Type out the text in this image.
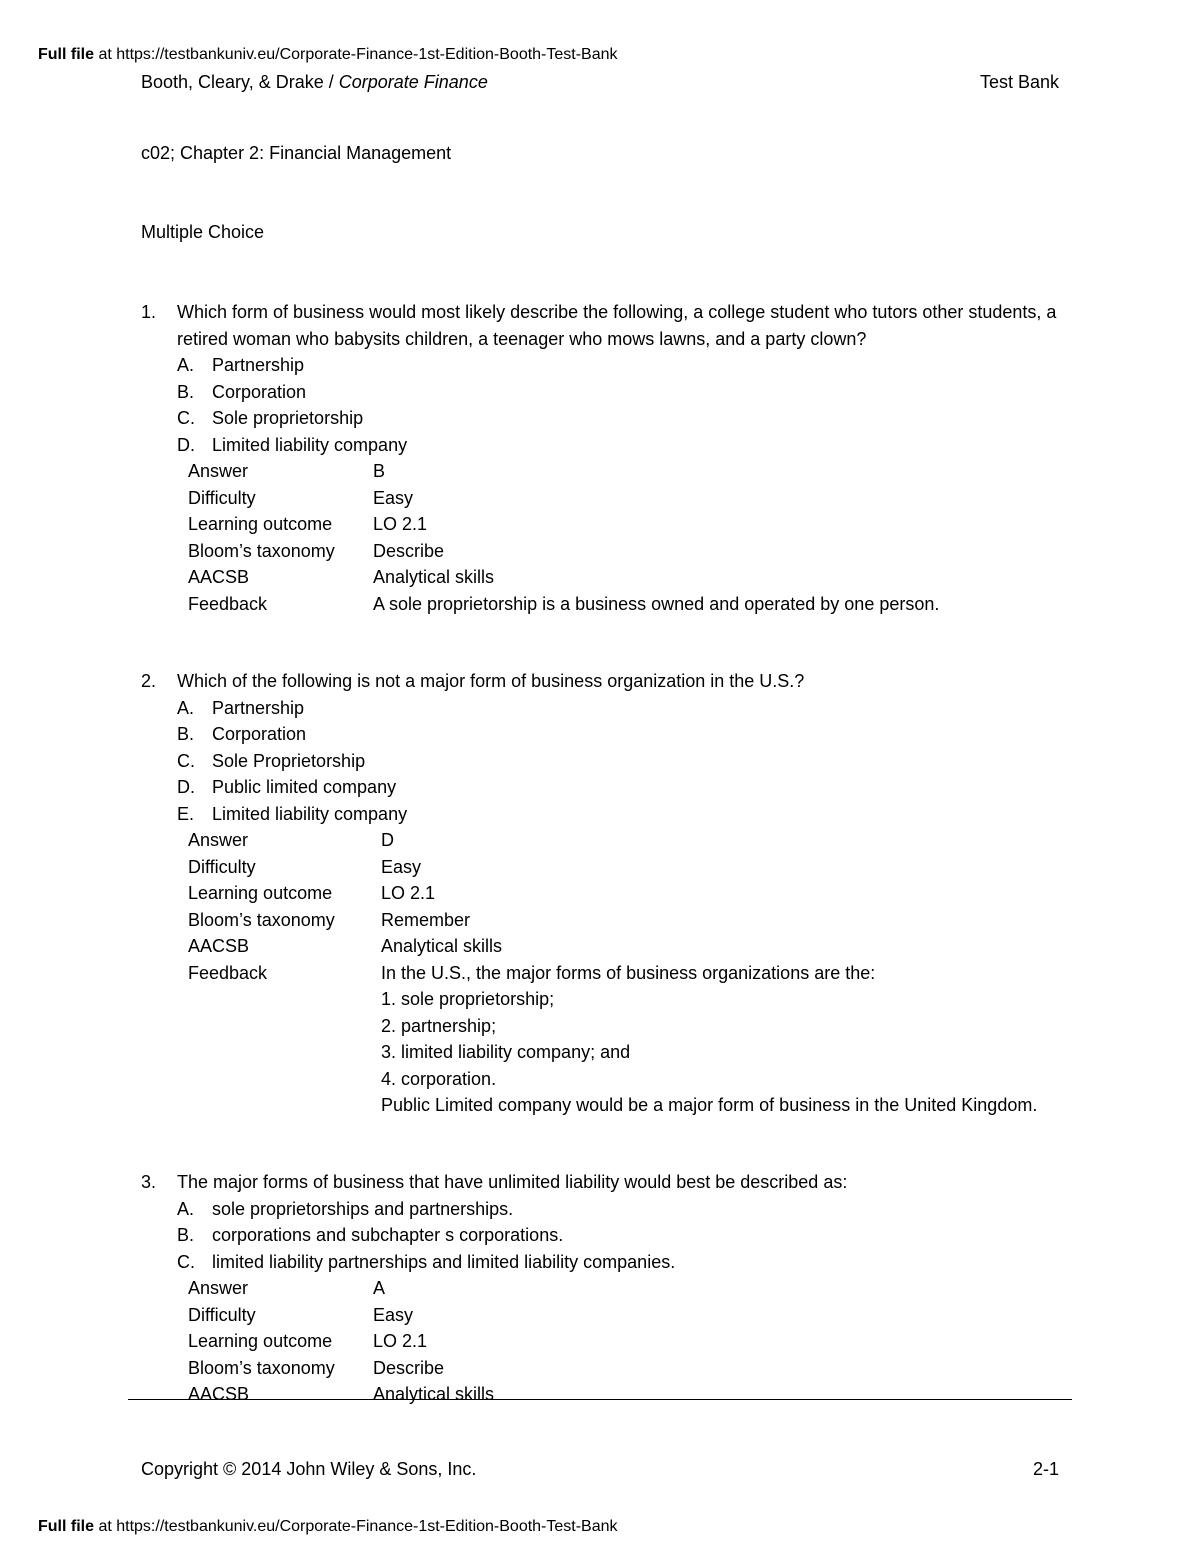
Full file at https://testbankuniv.eu/Corporate-Finance-1st-Edition-Booth-Test-Bank
Booth, Cleary, & Drake / Corporate Finance	Test Bank
c02; Chapter 2: Financial Management
Multiple Choice
1.	Which form of business would most likely describe the following, a college student who tutors other students, a retired woman who babysits children, a teenager who mows lawns, and a party clown?
A. Partnership
B. Corporation
C. Sole proprietorship
D. Limited liability company
Answer	B
Difficulty	Easy
Learning outcome	LO 2.1
Bloom’s taxonomy	Describe
AACSB	Analytical skills
Feedback	A sole proprietorship is a business owned and operated by one person.
2.	Which of the following is not a major form of business organization in the U.S.?
A. Partnership
B. Corporation
C. Sole Proprietorship
D. Public limited company
E. Limited liability company
Answer	D
Difficulty	Easy
Learning outcome	LO 2.1
Bloom’s taxonomy	Remember
AACSB	Analytical skills
Feedback	In the U.S., the major forms of business organizations are the:
1. sole proprietorship;
2. partnership;
3. limited liability company; and
4. corporation.
Public Limited company would be a major form of business in the United Kingdom.
3.	The major forms of business that have unlimited liability would best be described as:
A. sole proprietorships and partnerships.
B. corporations and subchapter s corporations.
C. limited liability partnerships and limited liability companies.
Answer	A
Difficulty	Easy
Learning outcome	LO 2.1
Bloom’s taxonomy	Describe
AACSB	Analytical skills
Copyright © 2014 John Wiley & Sons, Inc.	2-1
Full file at https://testbankuniv.eu/Corporate-Finance-1st-Edition-Booth-Test-Bank
